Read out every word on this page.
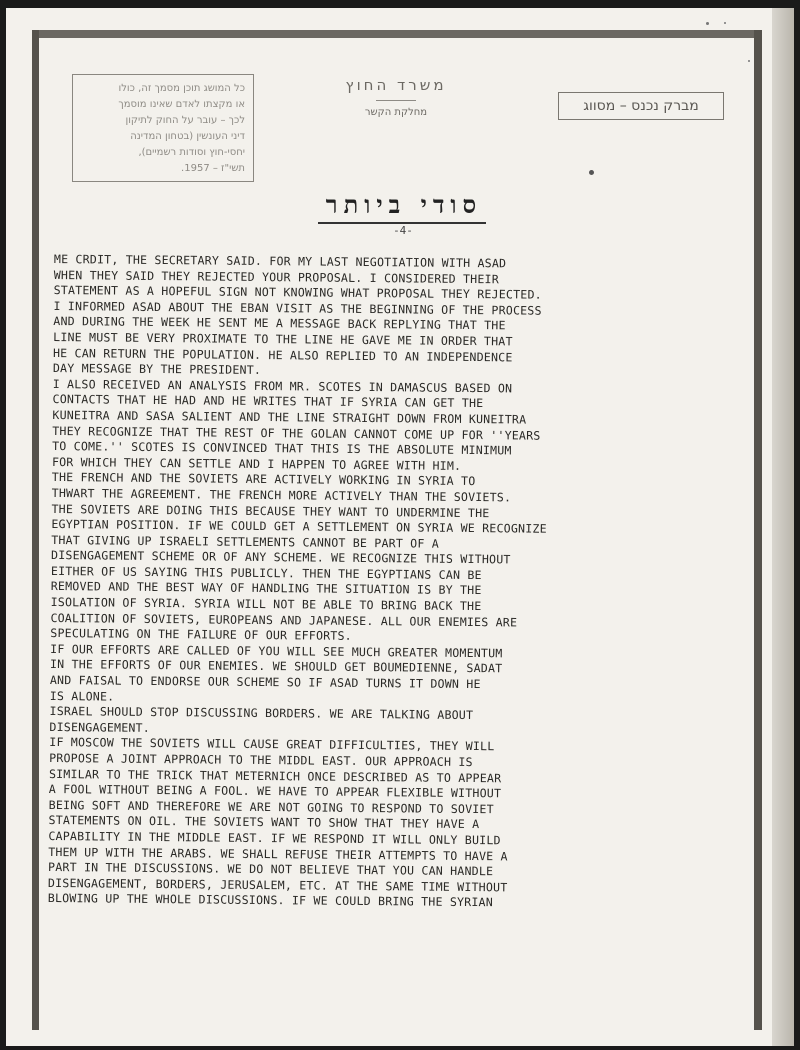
כל המושג תוכן מסמך זה, כולו
או מקצתו לאדם שאינו מוסמך
לכך – עובר על החוק לתיקון
דיני העונשין (בטחון המדינה
יחסי-חוץ וסודות רשמיים),
תשי"ז – 1957.
משרד החוץ
מחלקת הקשר	מברק נכנס – מסווג
סודי ביותר
-4-
ME CRDIT, THE SECRETARY SAID. FOR MY LAST NEGOTIATION WITH ASAD
WHEN THEY SAID THEY REJECTED YOUR PROPOSAL. I CONSIDERED THEIR
STATEMENT AS A HOPEFUL SIGN NOT KNOWING WHAT PROPOSAL THEY REJECTED.
I INFORMED ASAD ABOUT THE EBAN VISIT AS THE BEGINNING OF THE PROCESS
AND DURING THE WEEK HE SENT ME A MESSAGE BACK REPLYING THAT THE
LINE MUST BE VERY PROXIMATE TO THE LINE HE GAVE ME IN ORDER THAT
HE CAN RETURN THE POPULATION. HE ALSO REPLIED TO AN INDEPENDENCE
DAY MESSAGE BY THE PRESIDENT.
I ALSO RECEIVED AN ANALYSIS FROM MR. SCOTES IN DAMASCUS BASED ON
CONTACTS THAT HE HAD AND HE WRITES THAT IF SYRIA CAN GET THE
KUNEITRA AND SASA SALIENT AND THE LINE STRAIGHT DOWN FROM KUNEITRA
THEY RECOGNIZE THAT THE REST OF THE GOLAN CANNOT COME UP FOR ''YEARS
TO COME.'' SCOTES IS CONVINCED THAT THIS IS THE ABSOLUTE MINIMUM
FOR WHICH THEY CAN SETTLE AND I HAPPEN TO AGREE WITH HIM.
THE FRENCH AND THE SOVIETS ARE ACTIVELY WORKING IN SYRIA TO
THWART THE AGREEMENT. THE FRENCH MORE ACTIVELY THAN THE SOVIETS.
THE SOVIETS ARE DOING THIS BECAUSE THEY WANT TO UNDERMINE THE
EGYPTIAN POSITION. IF WE COULD GET A SETTLEMENT ON SYRIA WE RECOGNIZE
THAT GIVING UP ISRAELI SETTLEMENTS CANNOT BE PART OF A
DISENGAGEMENT SCHEME OR OF ANY SCHEME. WE RECOGNIZE THIS WITHOUT
EITHER OF US SAYING THIS PUBLICLY. THEN THE EGYPTIANS CAN BE
REMOVED AND THE BEST WAY OF HANDLING THE SITUATION IS BY THE
ISOLATION OF SYRIA. SYRIA WILL NOT BE ABLE TO BRING BACK THE
COALITION OF SOVIETS, EUROPEANS AND JAPANESE. ALL OUR ENEMIES ARE
SPECULATING ON THE FAILURE OF OUR EFFORTS.
IF OUR EFFORTS ARE CALLED OF YOU WILL SEE MUCH GREATER MOMENTUM
IN THE EFFORTS OF OUR ENEMIES. WE SHOULD GET BOUMEDIENNE, SADAT
AND FAISAL TO ENDORSE OUR SCHEME SO IF ASAD TURNS IT DOWN HE
IS ALONE.
ISRAEL SHOULD STOP DISCUSSING BORDERS. WE ARE TALKING ABOUT
DISENGAGEMENT.
IF MOSCOW THE SOVIETS WILL CAUSE GREAT DIFFICULTIES, THEY WILL
PROPOSE A JOINT APPROACH TO THE MIDDL EAST. OUR APPROACH IS
SIMILAR TO THE TRICK THAT METERNICH ONCE DESCRIBED AS TO APPEAR
A FOOL WITHOUT BEING A FOOL. WE HAVE TO APPEAR FLEXIBLE WITHOUT
BEING SOFT AND THEREFORE WE ARE NOT GOING TO RESPOND TO SOVIET
STATEMENTS ON OIL. THE SOVIETS WANT TO SHOW THAT THEY HAVE A
CAPABILITY IN THE MIDDLE EAST. IF WE RESPOND IT WILL ONLY BUILD
THEM UP WITH THE ARABS. WE SHALL REFUSE THEIR ATTEMPTS TO HAVE A
PART IN THE DISCUSSIONS. WE DO NOT BELIEVE THAT YOU CAN HANDLE
DISENGAGEMENT, BORDERS, JERUSALEM, ETC. AT THE SAME TIME WITHOUT
BLOWING UP THE WHOLE DISCUSSIONS. IF WE COULD BRING THE SYRIAN
